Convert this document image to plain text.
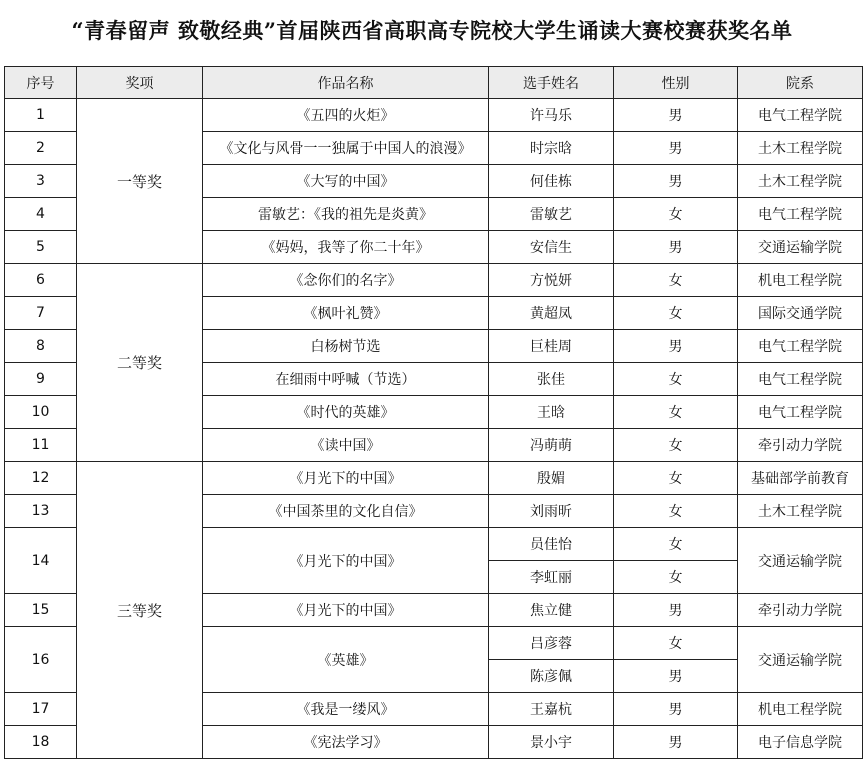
“青春留声 致敬经典”首届陕西省高职高专院校大学生诵读大赛校赛获奖名单
序号	奖项	作品名称	选手姓名	性别	院系
1	一等奖	《五四的火炬》	许马乐	男	电气工程学院
2		《文化与风骨一一独属于中国人的浪漫》	时宗晗	男	土木工程学院
3		《大写的中国》	何佳栋	男	土木工程学院
4		雷敏艺：《我的祖先是炎黄》	雷敏艺	女	电气工程学院
5		《妈妈，我等了你二十年》	安信生	男	交通运输学院
6	二等奖	《念你们的名字》	方悦妍	女	机电工程学院
7		《枫叶礼赞》	黄超凤	女	国际交通学院
8		白杨树节选	巨桂周	男	电气工程学院
9		在细雨中呼喊（节选）	张佳	女	电气工程学院
10		《时代的英雄》	王晗	女	电气工程学院
11		《读中国》	冯萌萌	女	牵引动力学院
12	三等奖	《月光下的中国》	殷媚	女	基础部学前教育
13		《中国茶里的文化自信》	刘雨昕	女	土木工程学院
14		《月光下的中国》	员佳怡	女	交通运输学院
			李虹丽	女	
15		《月光下的中国》	焦立健	男	牵引动力学院
16		《英雄》	吕彦蓉	女	交通运输学院
			陈彦佩	男	
17		《我是一缕风》	王嘉杭	男	机电工程学院
18		《宪法学习》	景小宇	男	电子信息学院
